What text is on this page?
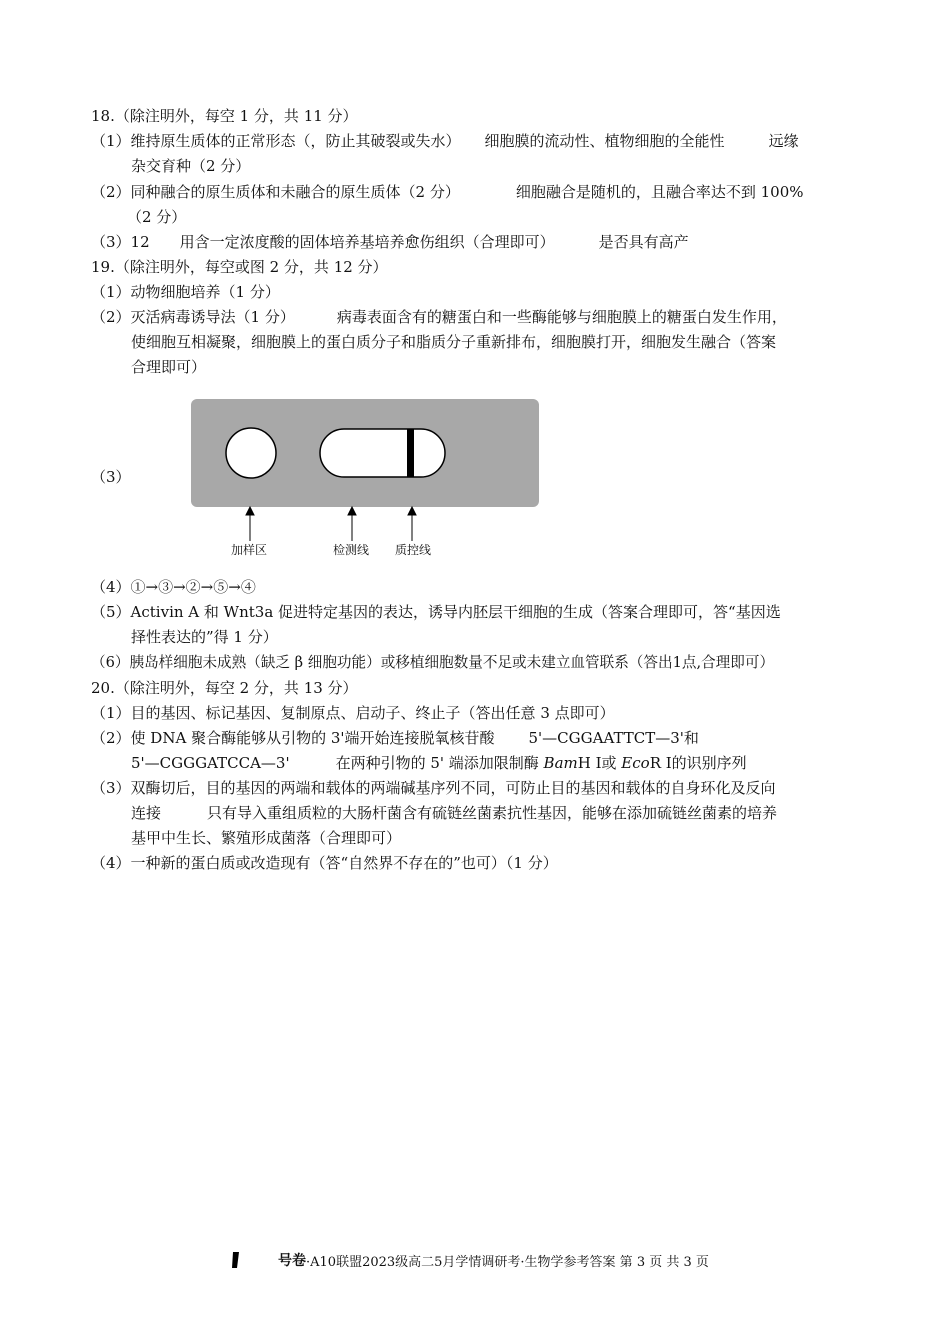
18.（除注明外，每空 1 分，共 11 分）
（1）维持原生质体的正常形态（，防止其破裂或失水） 细胞膜的流动性、植物细胞的全能性	远缘
杂交育种（2 分）
（2）同种融合的原生质体和未融合的原生质体（2 分）	细胞融合是随机的，且融合率达不到 100%
（2 分）
（3）12 用含一定浓度酸的固体培养基培养愈伤组织（合理即可）	是否具有高产
19.（除注明外，每空或图 2 分，共 12 分）
（1）动物细胞培养（1 分）
（2）灭活病毒诱导法（1 分）	病毒表面含有的糖蛋白和一些酶能够与细胞膜上的糖蛋白发生作用，
使细胞互相凝聚，细胞膜上的蛋白质分子和脂质分子重新排布，细胞膜打开，细胞发生融合（答案
合理即可）
（3）
加样区	检测线 质控线
（4）①→③→②→⑤→④
（5）Activin A 和 Wnt3a 促进特定基因的表达，诱导内胚层干细胞的生成（答案合理即可，答“基因选
择性表达的”得 1 分）
（6）胰岛样细胞未成熟（缺乏 β 细胞功能）或移植细胞数量不足或未建立血管联系（答出1点,合理即可）
20.（除注明外，每空 2 分，共 13 分）
（1）目的基因、标记基因、复制原点、启动子、终止子（答出任意 3 点即可）
（2）使 DNA 聚合酶能够从引物的 3'端开始连接脱氧核苷酸 5'—CGGAATTCT—3'和
5'—CGGGATCCA—3'	在两种引物的 5' 端添加限制酶 BamH I或 EcoR I的识别序列
（3）双酶切后，目的基因的两端和载体的两端碱基序列不同，可防止目的基因和载体的自身环化及反向
连接	只有导入重组质粒的大肠杆菌含有硫链丝菌素抗性基因，能够在添加硫链丝菌素的培养
基甲中生长、繁殖形成菌落（合理即可）
（4）一种新的蛋白质或改造现有（答“自然界不存在的”也可）（1 分）
号卷 ·A10联盟2023级高二5月学情调研考·生物学参考答案 第 3 页 共 3 页
